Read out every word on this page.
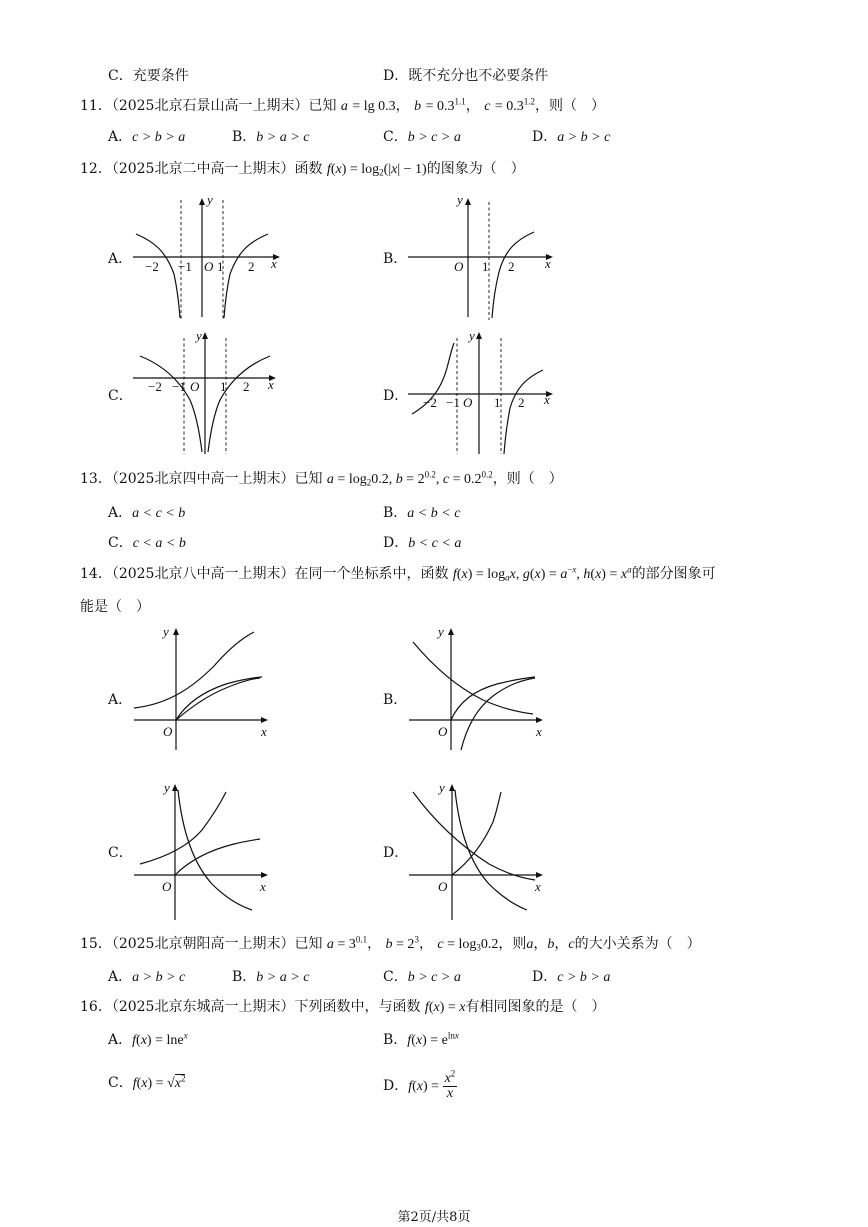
C．充要条件	D．既不充分也不必要条件
11．（2025北京石景山高一上期末）已知 a = lg 0.3， $b = 0.3^{1.1}$， $c = 0.3^{1.2}$，则（　）
A．c > b > a	B．b > a > c	C．b > c > a	D．a > b > c
12．（2025北京二中高一上期末）函数 $f(x) = \log_2(|x| - 1)$的图象为（　）
A． −2 −1 O 1 2 x
y
B．	O 1 2 x
y
C．
−2 −1 O 1 2 x
y
D． −2 −1 O 1 2 x
y
13．（2025北京四中高一上期末）已知 $a = \log_20.2$, $b = 2^{0.2}$, $c = 0.2^{0.2}$，则（　）
A．a < c < b	B．a < b < c
C．c < a < b	D．b < c < a
14．（2025北京八中高一上期末）在同一个坐标系中，函数 $f(x) = \log_ax$, $g(x) = a^{-x}$, $h(x) = x^a$的部分图象可
能是（　）
A．
O	x
y
B．
O	x
y
C．
O	x
y
D．
O	x
y
15．（2025北京朝阳高一上期末）已知 $a = 3^{0.1}$， $b = 2^3$， $c = \log_30.2$，则a，b，c的大小关系为（　）
A．a > b > c	B．b > a > c	C．b > c > a	D．c > b > a
16．（2025北京东城高一上期末）下列函数中，与函数 f(x) = x有相同图象的是（　）
A．f(x) = lne$^x$	B．$f(x) = e^{lnx}$
C．$f(x) = √x^2$	D．$f(x) = \frac{x^2}{x}$
第2页/共8页
